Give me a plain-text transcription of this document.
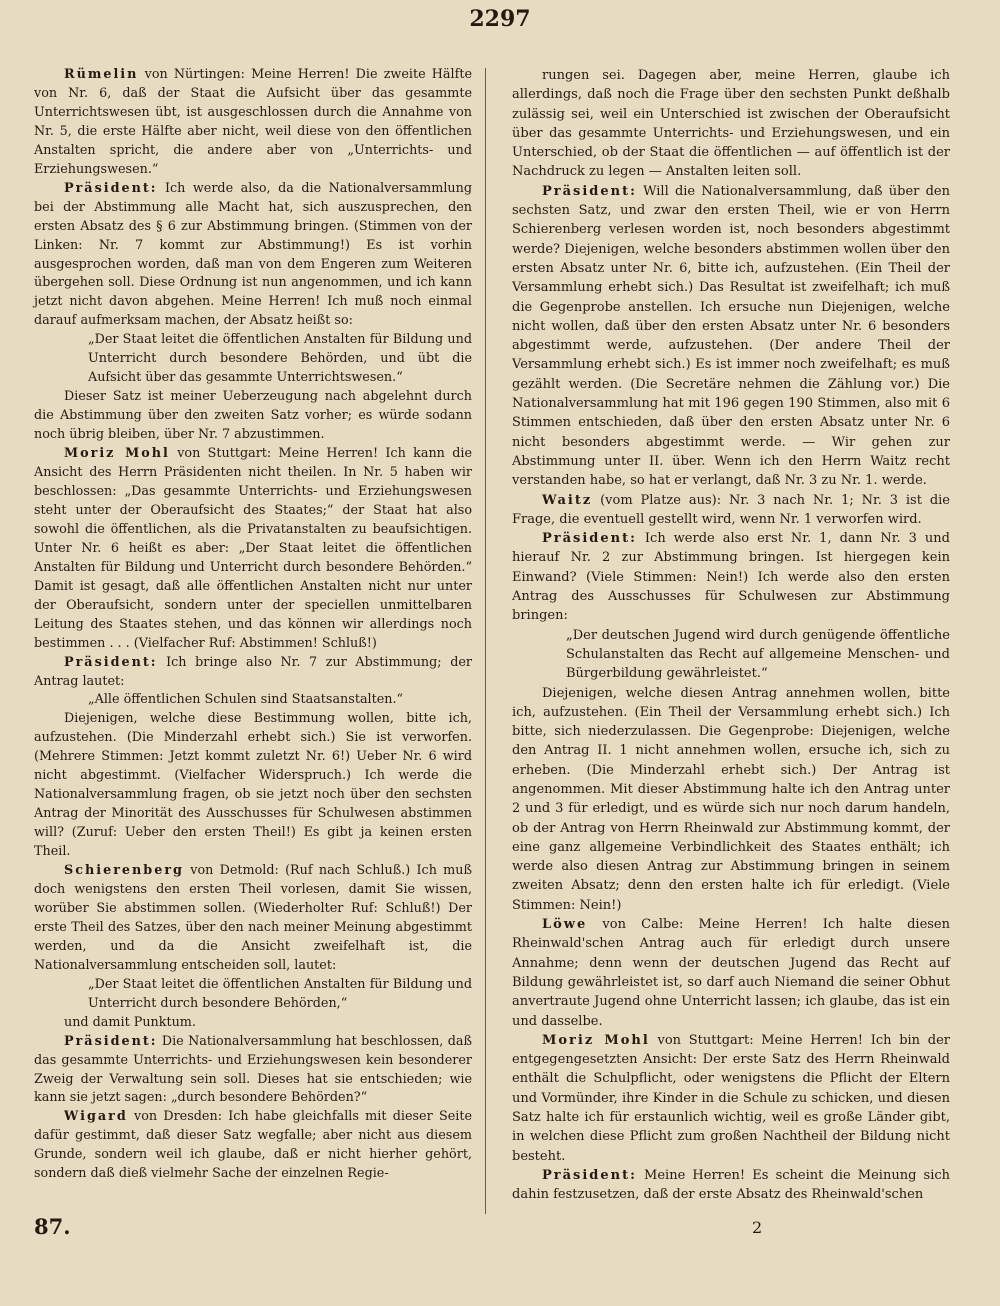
2297

Rümelin von Nürtingen: Meine Herren! Die zweite Hälfte von Nr. 6, daß der Staat die Aufsicht über das gesammte Unterrichtswesen übt, ist ausgeschlossen durch die Annahme von Nr. 5, die erste Hälfte aber nicht, weil diese von den öffentlichen Anstalten spricht, die andere aber von „Unterrichts- und Erziehungswesen.“

Präsident: Ich werde also, da die Nationalversammlung bei der Abstimmung alle Macht hat, sich auszusprechen, den ersten Absatz des § 6 zur Abstimmung bringen. (Stimmen von der Linken: Nr. 7 kommt zur Abstimmung!) Es ist vorhin ausgesprochen worden, daß man von dem Engeren zum Weiteren übergehen soll. Diese Ordnung ist nun angenommen, und ich kann jetzt nicht davon abgehen. Meine Herren! Ich muß noch einmal darauf aufmerksam machen, der Absatz heißt so:

„Der Staat leitet die öffentlichen Anstalten für Bildung und Unterricht durch besondere Behörden, und übt die Aufsicht über das gesammte Unterrichtswesen.“

Dieser Satz ist meiner Ueberzeugung nach abgelehnt durch die Abstimmung über den zweiten Satz vorher; es würde sodann noch übrig bleiben, über Nr. 7 abzustimmen.

Moriz Mohl von Stuttgart: Meine Herren! Ich kann die Ansicht des Herrn Präsidenten nicht theilen. In Nr. 5 haben wir beschlossen: „Das gesammte Unterrichts- und Erziehungswesen steht unter der Oberaufsicht des Staates;“ der Staat hat also sowohl die öffentlichen, als die Privatanstalten zu beaufsichtigen. Unter Nr. 6 heißt es aber: „Der Staat leitet die öffentlichen Anstalten für Bildung und Unterricht durch besondere Behörden.“ Damit ist gesagt, daß alle öffentlichen Anstalten nicht nur unter der Oberaufsicht, sondern unter der speciellen unmittelbaren Leitung des Staates stehen, und das können wir allerdings noch bestimmen . . . (Vielfacher Ruf: Abstimmen! Schluß!)

Präsident: Ich bringe also Nr. 7 zur Abstimmung; der Antrag lautet:

„Alle öffentlichen Schulen sind Staatsanstalten.“

Diejenigen, welche diese Bestimmung wollen, bitte ich, aufzustehen. (Die Minderzahl erhebt sich.) Sie ist verworfen. (Mehrere Stimmen: Jetzt kommt zuletzt Nr. 6!) Ueber Nr. 6 wird nicht abgestimmt. (Vielfacher Widerspruch.) Ich werde die Nationalversammlung fragen, ob sie jetzt noch über den sechsten Antrag der Minorität des Ausschusses für Schulwesen abstimmen will? (Zuruf: Ueber den ersten Theil!) Es gibt ja keinen ersten Theil.

Schierenberg von Detmold: (Ruf nach Schluß.) Ich muß doch wenigstens den ersten Theil vorlesen, damit Sie wissen, worüber Sie abstimmen sollen. (Wiederholter Ruf: Schluß!) Der erste Theil des Satzes, über den nach meiner Meinung abgestimmt werden, und da die Ansicht zweifelhaft ist, die Nationalversammlung entscheiden soll, lautet:

„Der Staat leitet die öffentlichen Anstalten für Bildung und Unterricht durch besondere Behörden,“

und damit Punktum.

Präsident: Die Nationalversammlung hat beschlossen, daß das gesammte Unterrichts- und Erziehungswesen kein besonderer Zweig der Verwaltung sein soll. Dieses hat sie entschieden; wie kann sie jetzt sagen: „durch besondere Behörden?“

Wigard von Dresden: Ich habe gleichfalls mit dieser Seite dafür gestimmt, daß dieser Satz wegfalle; aber nicht aus diesem Grunde, sondern weil ich glaube, daß er nicht hierher gehört, sondern daß dieß vielmehr Sache der einzelnen Regie-

rungen sei. Dagegen aber, meine Herren, glaube ich allerdings, daß noch die Frage über den sechsten Punkt deßhalb zulässig sei, weil ein Unterschied ist zwischen der Oberaufsicht über das gesammte Unterrichts- und Erziehungswesen, und ein Unterschied, ob der Staat die öffentlichen — auf öffentlich ist der Nachdruck zu legen — Anstalten leiten soll.

Präsident: Will die Nationalversammlung, daß über den sechsten Satz, und zwar den ersten Theil, wie er von Herrn Schierenberg verlesen worden ist, noch besonders abgestimmt werde? Diejenigen, welche besonders abstimmen wollen über den ersten Absatz unter Nr. 6, bitte ich, aufzustehen. (Ein Theil der Versammlung erhebt sich.) Das Resultat ist zweifelhaft; ich muß die Gegenprobe anstellen. Ich ersuche nun Diejenigen, welche nicht wollen, daß über den ersten Absatz unter Nr. 6 besonders abgestimmt werde, aufzustehen. (Der andere Theil der Versammlung erhebt sich.) Es ist immer noch zweifelhaft; es muß gezählt werden. (Die Secretäre nehmen die Zählung vor.) Die Nationalversammlung hat mit 196 gegen 190 Stimmen, also mit 6 Stimmen entschieden, daß über den ersten Absatz unter Nr. 6 nicht besonders abgestimmt werde. — Wir gehen zur Abstimmung unter II. über. Wenn ich den Herrn Waitz recht verstanden habe, so hat er verlangt, daß Nr. 3 zu Nr. 1. werde.

Waitz (vom Platze aus): Nr. 3 nach Nr. 1; Nr. 3 ist die Frage, die eventuell gestellt wird, wenn Nr. 1 verworfen wird.

Präsident: Ich werde also erst Nr. 1, dann Nr. 3 und hierauf Nr. 2 zur Abstimmung bringen. Ist hiergegen kein Einwand? (Viele Stimmen: Nein!) Ich werde also den ersten Antrag des Ausschusses für Schulwesen zur Abstimmung bringen:

„Der deutschen Jugend wird durch genügende öffentliche Schulanstalten das Recht auf allgemeine Menschen- und Bürgerbildung gewährleistet.“

Diejenigen, welche diesen Antrag annehmen wollen, bitte ich, aufzustehen. (Ein Theil der Versammlung erhebt sich.) Ich bitte, sich niederzulassen. Die Gegenprobe: Diejenigen, welche den Antrag II. 1 nicht annehmen wollen, ersuche ich, sich zu erheben. (Die Minderzahl erhebt sich.) Der Antrag ist angenommen. Mit dieser Abstimmung halte ich den Antrag unter 2 und 3 für erledigt, und es würde sich nur noch darum handeln, ob der Antrag von Herrn Rheinwald zur Abstimmung kommt, der eine ganz allgemeine Verbindlichkeit des Staates enthält; ich werde also diesen Antrag zur Abstimmung bringen in seinem zweiten Absatz; denn den ersten halte ich für erledigt. (Viele Stimmen: Nein!)

Löwe von Calbe: Meine Herren! Ich halte diesen Rheinwald'schen Antrag auch für erledigt durch unsere Annahme; denn wenn der deutschen Jugend das Recht auf Bildung gewährleistet ist, so darf auch Niemand die seiner Obhut anvertraute Jugend ohne Unterricht lassen; ich glaube, das ist ein und dasselbe.

Moriz Mohl von Stuttgart: Meine Herren! Ich bin der entgegengesetzten Ansicht: Der erste Satz des Herrn Rheinwald enthält die Schulpflicht, oder wenigstens die Pflicht der Eltern und Vormünder, ihre Kinder in die Schule zu schicken, und diesen Satz halte ich für erstaunlich wichtig, weil es große Länder gibt, in welchen diese Pflicht zum großen Nachtheil der Bildung nicht besteht.

Präsident: Meine Herren! Es scheint die Meinung sich dahin festzusetzen, daß der erste Absatz des Rheinwald'schen

87.	2
